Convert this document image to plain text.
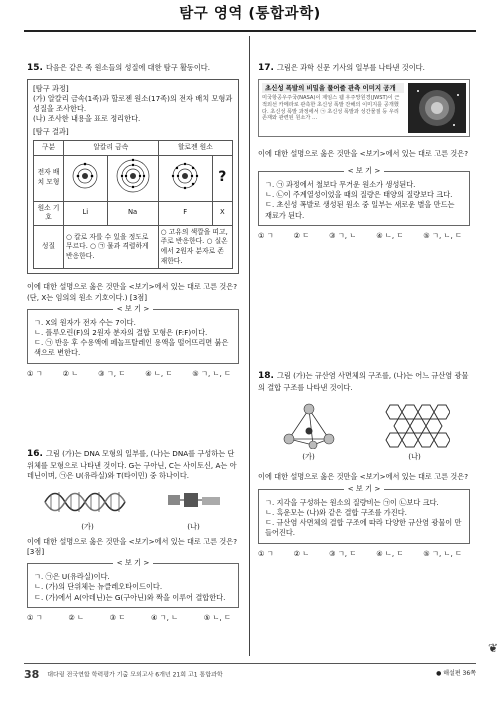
탐구 영역 (통합과학)
15. 다음은 같은 족 원소들의 성질에 대한 탐구 활동이다.
[탐구 과정]
(가) 알칼리 금속(1족)과 할로젠 원소(17족)의 전자 배치 모형과 성질을 조사한다.
(나) 조사한 내용을 표로 정리한다.
[탐구 결과]
구분	알칼리 금속		할로젠 원소	
전자 배치 모형				?
원소 기호	Li	Na	F	X
성질	○ 칼로 자를 수 있을 정도로 무르다. ○ ㉠ 물과 격렬하게 반응한다.		○ 고유의 색깔을 띠고, 주로 반응한다. ○ 실온에서 2원자 분자로 존재한다.	
이에 대한 설명으로 옳은 것만을 <보기>에서 있는 대로 고른 것은? (단, X는 임의의 원소 기호이다.) [3점]
< 보 기 >
ㄱ. X의 원자가 전자 수는 7이다.
ㄴ. 플루오린(F)의 2원자 분자의 결합 모형은 (F:F)이다.
ㄷ. ㉠ 반응 후 수용액에 페놀프탈레인 용액을 떨어뜨리면 붉은색으로 변한다.
① ㄱ	② ㄴ	③ ㄱ, ㄷ	④ ㄴ, ㄷ	⑤ ㄱ, ㄴ, ㄷ
16. 그림 (가)는 DNA 모형의 일부를, (나)는 DNA를 구성하는 단위체를 모형으로 나타낸 것이다. G는 구아닌, C는 사이토신, A는 아데닌이며, ㉠은 U(유라실)와 T(타이민) 중 하나이다.
(가)	(나)
이에 대한 설명으로 옳은 것만을 <보기>에서 있는 대로 고른 것은? [3점]
< 보 기 >
ㄱ. ㉠은 U(유라실)이다.
ㄴ. (가)의 단위체는 뉴클레오타이드이다.
ㄷ. (가)에서 A(아데닌)는 G(구아닌)와 짝을 이루어 결합한다.
① ㄱ	② ㄴ	③ ㄷ	④ ㄱ, ㄴ	⑤ ㄴ, ㄷ
17. 그림은 과학 신문 기사의 일부를 나타낸 것이다.
초신성 폭발의 비밀을 풀어줄 관측 이미지 공개
미국항공우주국(NASA)이 제임스 웹 우주망원경(JWST)이 근적외선 카메라로 관측한 초신성 폭발 잔해의 이미지를 공개했다. 초신성 폭발 과정에서 ㉠ 초신성 폭발과 성간물질 등 우리 존재와 관련된 원소가 …
이에 대한 설명으로 옳은 것만을 <보기>에서 있는 대로 고른 것은?
< 보 기 >
ㄱ. ㉠ 과정에서 철보다 무거운 원소가 생성된다.
ㄴ. ㉡이 주계열성이었을 때의 질량은 태양의 질량보다 크다.
ㄷ. 초신성 폭발로 생성된 원소 중 일부는 새로운 별을 만드는 재료가 된다.
① ㄱ	② ㄷ	③ ㄱ, ㄴ	④ ㄴ, ㄷ	⑤ ㄱ, ㄴ, ㄷ
18. 그림 (가)는 규산염 사면체의 구조를, (나)는 어느 규산염 광물의 결합 구조를 나타낸 것이다.
(가)	(나)
이에 대한 설명으로 옳은 것만을 <보기>에서 있는 대로 고른 것은?
< 보 기 >
ㄱ. 지각을 구성하는 원소의 질량비는 ㉠이 ㉡보다 크다.
ㄴ. 흑운모는 (나)와 같은 결합 구조를 가진다.
ㄷ. 규산염 사면체의 결합 구조에 따라 다양한 규산염 광물이 만들어진다.
① ㄱ	② ㄴ	③ ㄱ, ㄷ	④ ㄴ, ㄷ	⑤ ㄱ, ㄴ, ㄷ
❦
38 대다링 전국연합 학력평가 기출 모의고사 6개년 21회 고1 통합과학	● 해설편 36쪽
